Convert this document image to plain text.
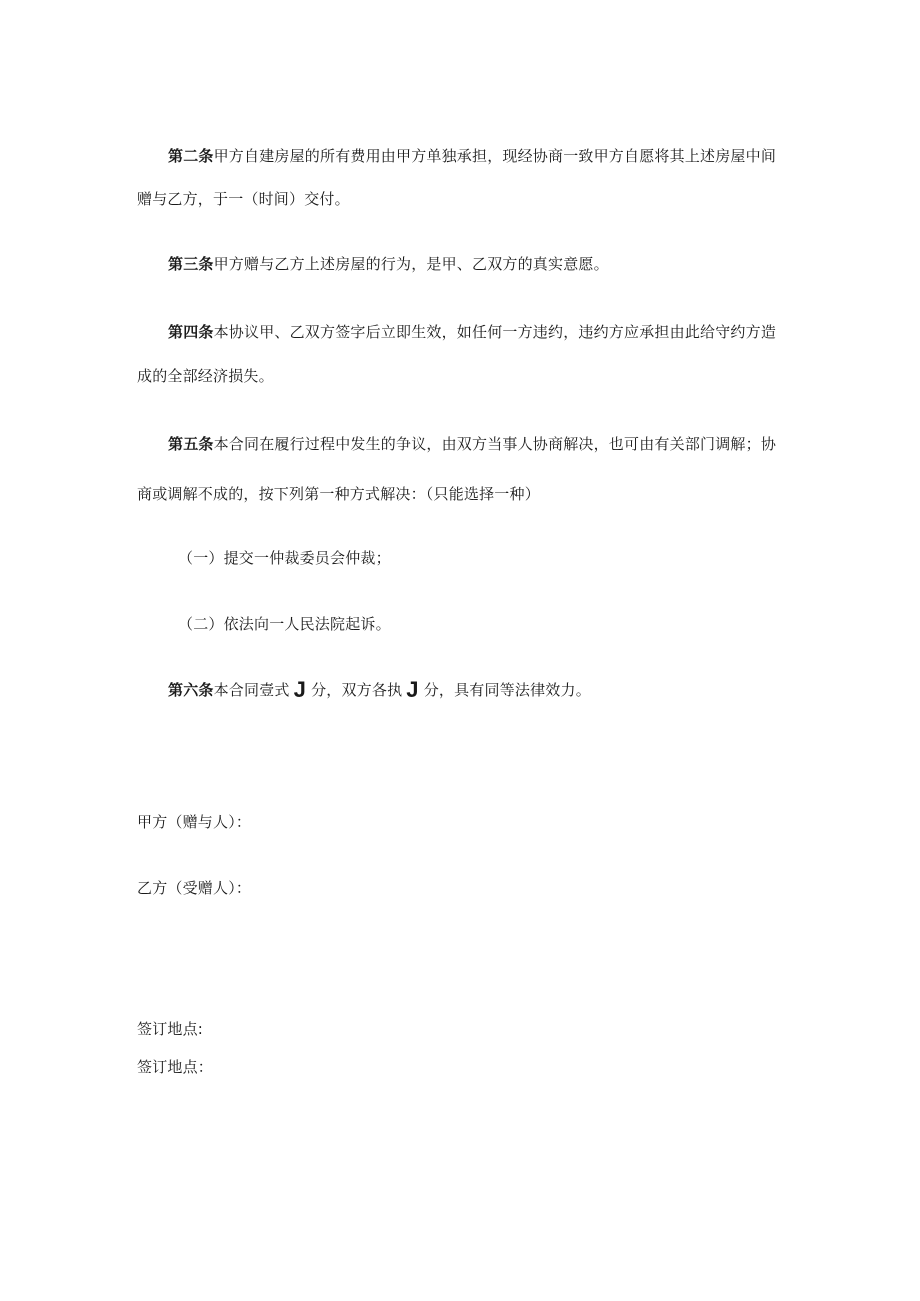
第二条甲方自建房屋的所有费用由甲方单独承担，现经协商一致甲方自愿将其上述房屋中间
赠与乙方，于一（时间）交付。
第三条甲方赠与乙方上述房屋的行为，是甲、乙双方的真实意愿。
第四条本协议甲、乙双方签字后立即生效，如任何一方违约，违约方应承担由此给守约方造
成的全部经济损失。
第五条本合同在履行过程中发生的争议，由双方当事人协商解决，也可由有关部门调解；协
商或调解不成的，按下列第一种方式解决：（只能选择一种）
（一）提交一仲裁委员会仲裁；
（二）依法向一人民法院起诉。
第六条本合同壹式 J 分，双方各执 J 分，具有同等法律效力。
甲方（赠与人）：
乙方（受赠人）：
签订地点:
签订地点：
